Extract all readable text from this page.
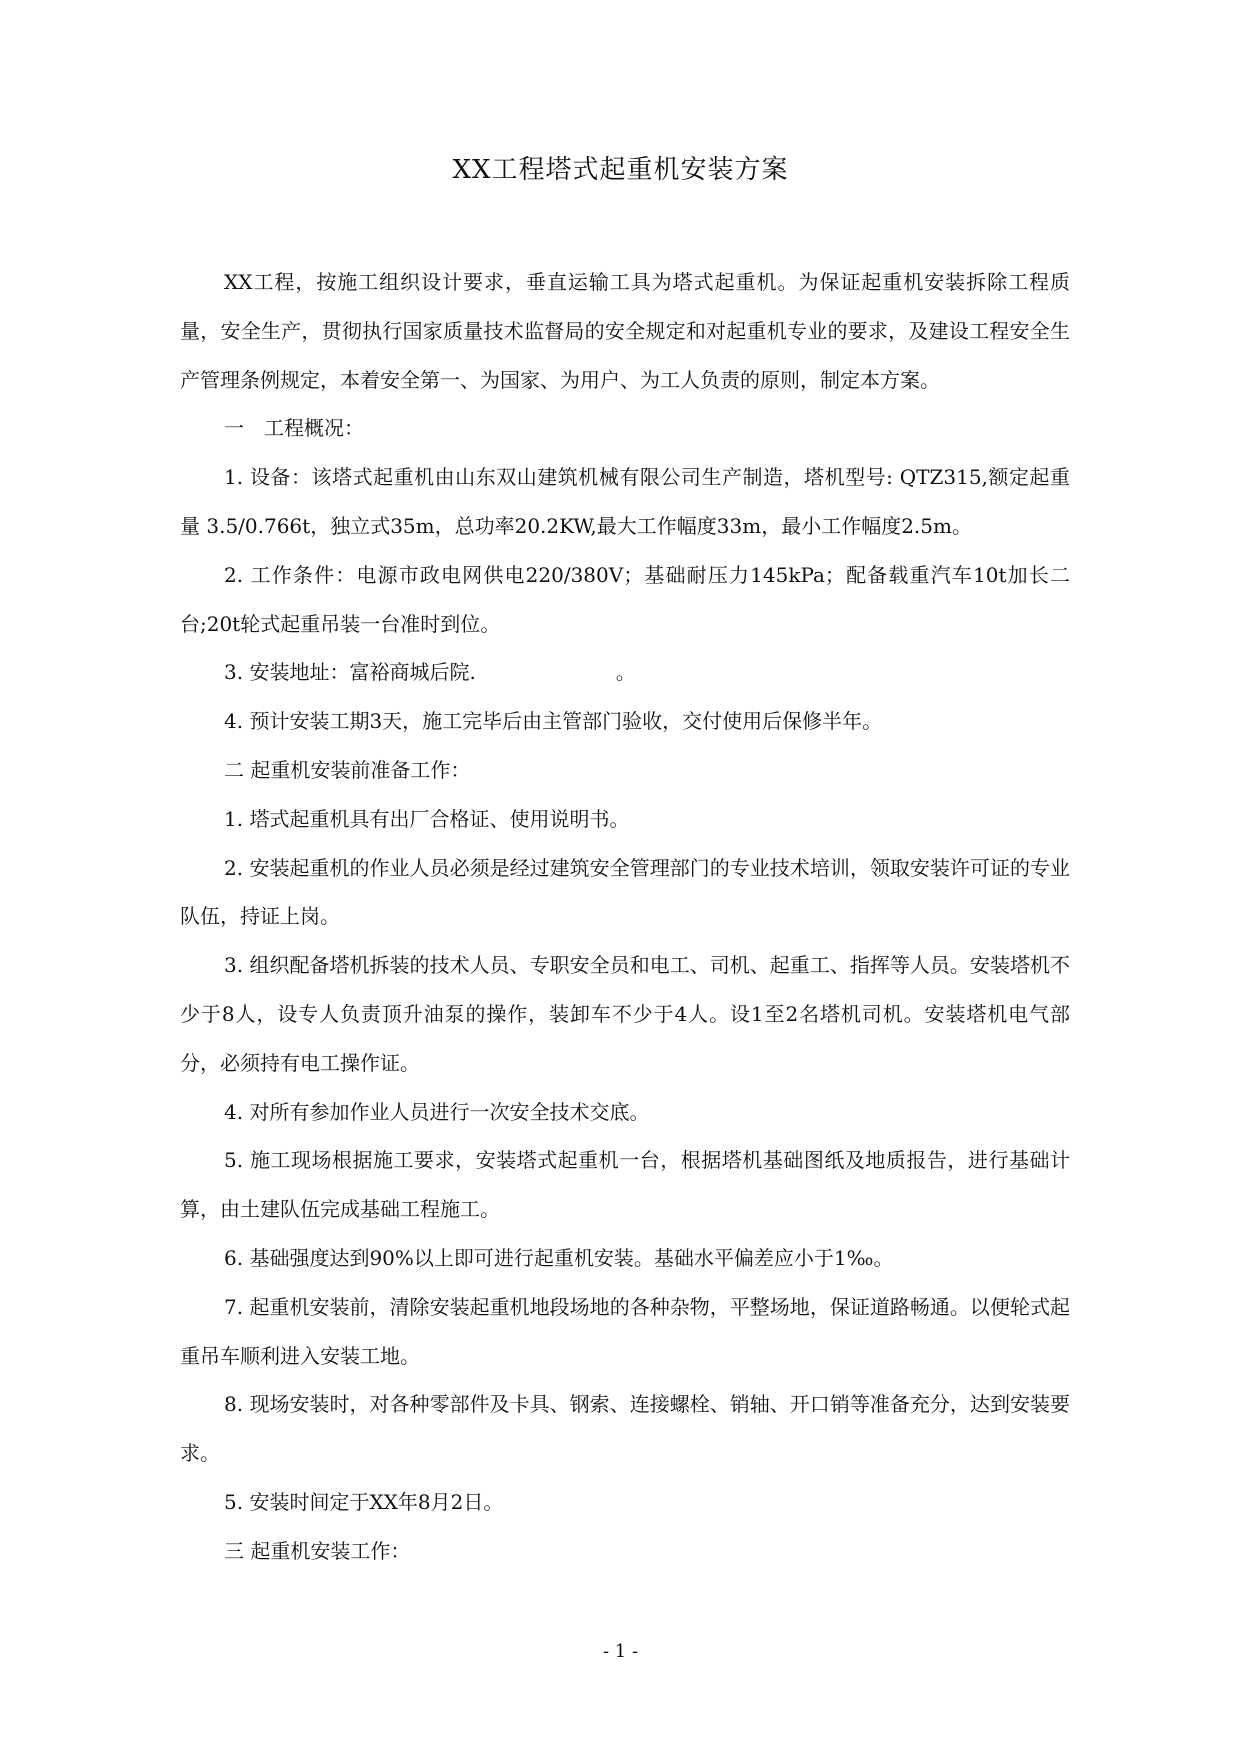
XX工程塔式起重机安装方案

XX工程，按施工组织设计要求，垂直运输工具为塔式起重机。为保证起重机安装拆除工程质量，安全生产，贯彻执行国家质量技术监督局的安全规定和对起重机专业的要求，及建设工程安全生产管理条例规定，本着安全第一、为国家、为用户、为工人负责的原则，制定本方案。

一　工程概况：

1. 设备：该塔式起重机由山东双山建筑机械有限公司生产制造，塔机型号: QTZ315,额定起重量 3.5/0.766t，独立式35m，总功率20.2KW,最大工作幅度33m，最小工作幅度2.5m。

2. 工作条件：电源市政电网供电220/380V；基础耐压力145kPa；配备载重汽车10t加长二台;20t轮式起重吊装一台准时到位。

3. 安装地址：富裕商城后院.　　　　　　　。

4. 预计安装工期3天，施工完毕后由主管部门验收，交付使用后保修半年。

二 起重机安装前准备工作：

1. 塔式起重机具有出厂合格证、使用说明书。

2. 安装起重机的作业人员必须是经过建筑安全管理部门的专业技术培训，领取安装许可证的专业队伍，持证上岗。

3. 组织配备塔机拆装的技术人员、专职安全员和电工、司机、起重工、指挥等人员。安装塔机不少于8人，设专人负责顶升油泵的操作，装卸车不少于4人。设1至2名塔机司机。安装塔机电气部分，必须持有电工操作证。

4. 对所有参加作业人员进行一次安全技术交底。

5. 施工现场根据施工要求，安装塔式起重机一台，根据塔机基础图纸及地质报告，进行基础计算，由土建队伍完成基础工程施工。

6. 基础强度达到90%以上即可进行起重机安装。基础水平偏差应小于1‰。

7. 起重机安装前，清除安装起重机地段场地的各种杂物，平整场地，保证道路畅通。以便轮式起重吊车顺利进入安装工地。

8. 现场安装时，对各种零部件及卡具、钢索、连接螺栓、销轴、开口销等准备充分，达到安装要求。

5. 安装时间定于XX年8月2日。

三 起重机安装工作：

- 1 -
